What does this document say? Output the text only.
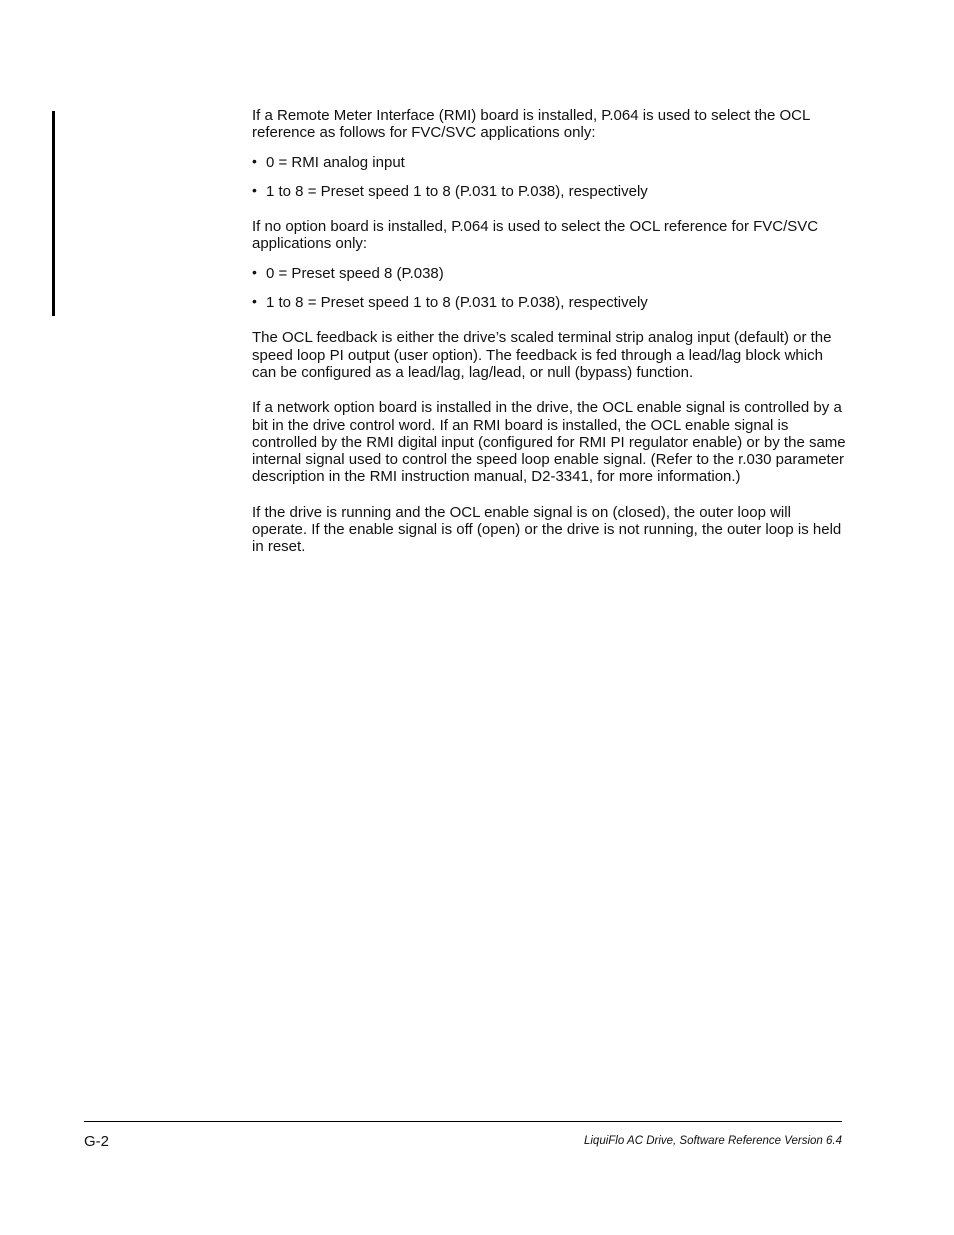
If a Remote Meter Interface (RMI) board is installed, P.064 is used to select the OCL reference as follows for FVC/SVC applications only:

• 0 = RMI analog input
• 1 to 8 = Preset speed 1 to 8 (P.031 to P.038), respectively

If no option board is installed, P.064 is used to select the OCL reference for FVC/SVC applications only:

• 0 = Preset speed 8 (P.038)
• 1 to 8 = Preset speed 1 to 8 (P.031 to P.038), respectively

The OCL feedback is either the drive’s scaled terminal strip analog input (default) or the speed loop PI output (user option). The feedback is fed through a lead/lag block which can be configured as a lead/lag, lag/lead, or null (bypass) function.

If a network option board is installed in the drive, the OCL enable signal is controlled by a bit in the drive control word. If an RMI board is installed, the OCL enable signal is controlled by the RMI digital input (configured for RMI PI regulator enable) or by the same internal signal used to control the speed loop enable signal. (Refer to the r.030 parameter description in the RMI instruction manual, D2-3341, for more information.)

If the drive is running and the OCL enable signal is on (closed), the outer loop will operate. If the enable signal is off (open) or the drive is not running, the outer loop is held in reset.

G-2	LiquiFlo AC Drive, Software Reference Version 6.4
